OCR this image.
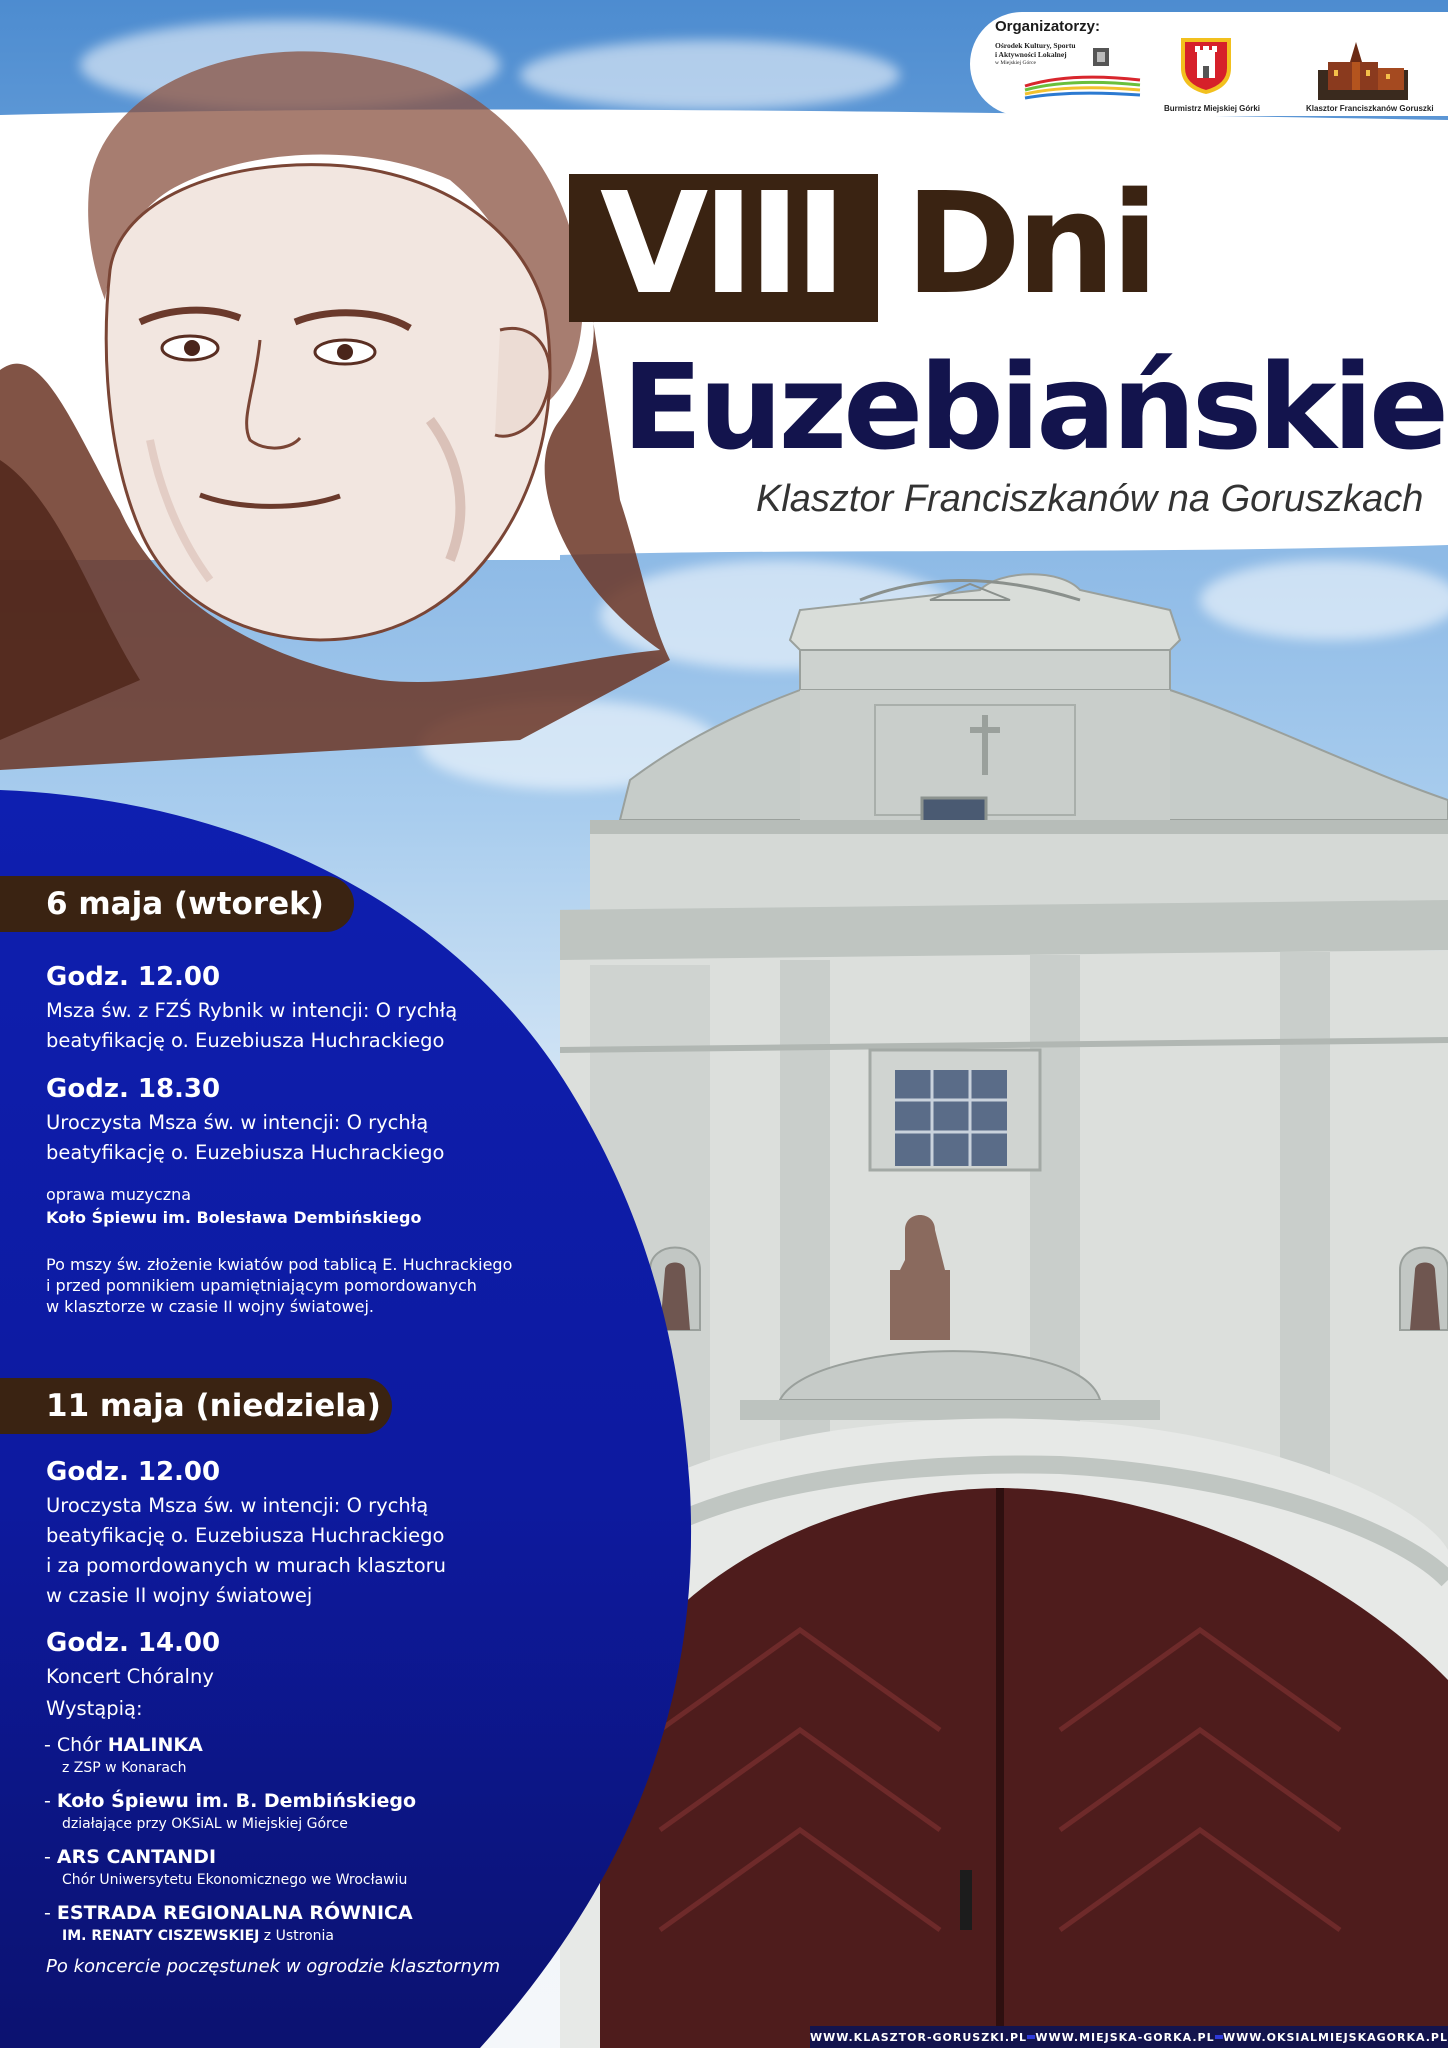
Organizatorzy:
Ośrodek Kultury, Sportu
i Aktywności Lokalnej
w Miejskiej Górce
Burmistrz Miejskiej Górki	Klasztor Franciszkanów Goruszki
VIII Dni
Euzebiańskie
Klasztor Franciszkanów na Goruszkach
6 maja (wtorek)
Godz. 12.00
Msza św. z FZŚ Rybnik w intencji: O rychłą
beatyfikację o. Euzebiusza Huchrackiego
Godz. 18.30
Uroczysta Msza św. w intencji: O rychłą
beatyfikację o. Euzebiusza Huchrackiego
oprawa muzyczna
Koło Śpiewu im. Bolesława Dembińskiego
Po mszy św. złożenie kwiatów pod tablicą E. Huchrackiego
i przed pomnikiem upamiętniającym pomordowanych
w klasztorze w czasie II wojny światowej.
11 maja (niedziela)
Godz. 12.00
Uroczysta Msza św. w intencji: O rychłą
beatyfikację o. Euzebiusza Huchrackiego
i za pomordowanych w murach klasztoru
w czasie II wojny światowej
Godz. 14.00
Koncert Chóralny
Wystąpią:
- Chór HALINKA
z ZSP w Konarach
- Koło Śpiewu im. B. Dembińskiego
działające przy OKSiAL w Miejskiej Górce
- ARS CANTANDI
Chór Uniwersytetu Ekonomicznego we Wrocławiu
- ESTRADA REGIONALNA RÓWNICA
IM. RENATY CISZEWSKIEJ z Ustronia
Po koncercie poczęstunek w ogrodzie klasztornym
WWW.KLASZTOR-GORUSZKI.PL WWW.MIEJSKA-GORKA.PL WWW.OKSIALMIEJSKAGORKA.PL
